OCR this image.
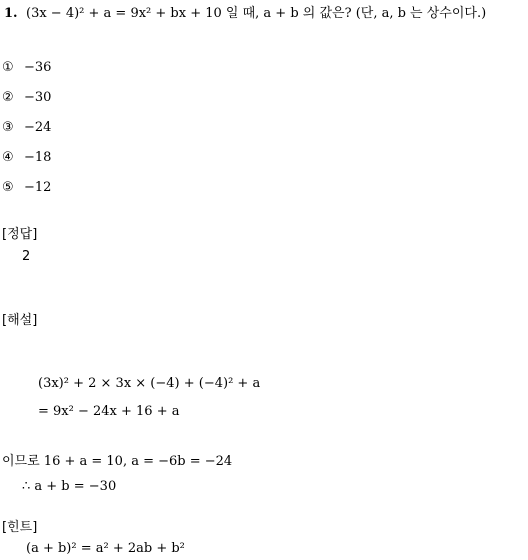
1. (3x − 4)² + a = 9x² + bx + 10 일 때, a + b 의 값은? (단, a, b 는 상수이다.)
① −36
② −30
③ −24
④ −18
⑤ −12
[정답]
2
[해설]
(3x)² + 2 × 3x × (−4) + (−4)² + a
= 9x² − 24x + 16 + a
이므로 16 + a = 10, a = −6b = −24
∴ a + b = −30
[힌트]
(a + b)² = a² + 2ab + b²
